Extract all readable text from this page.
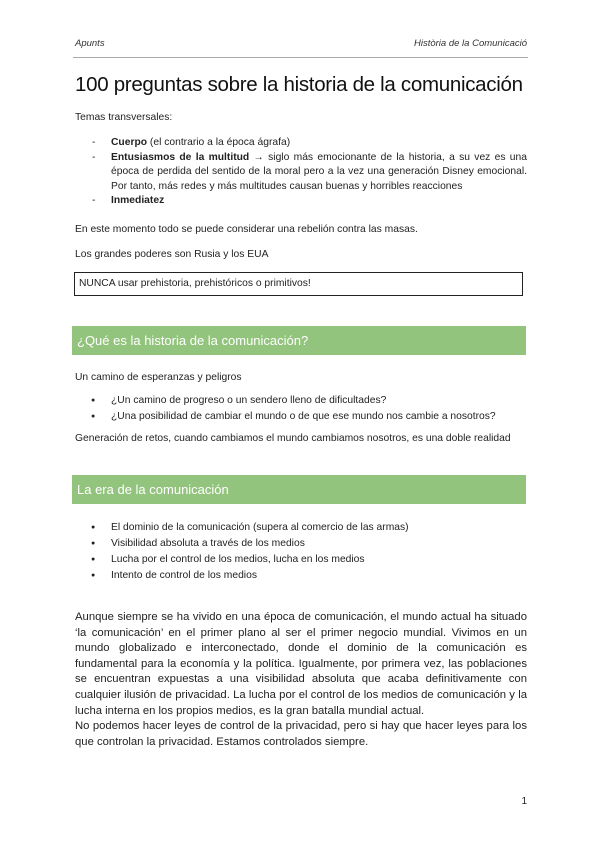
Apunts	Història de la Comunicació
100 preguntas sobre la historia de la comunicación
Temas transversales:
- Cuerpo (el contrario a la época ágrafa)
- Entusiasmos de la multitud → siglo más emocionante de la historia, a su vez es una época de perdida del sentido de la moral pero a la vez una generación Disney emocional. Por tanto, más redes y más multitudes causan buenas y horribles reacciones
- Inmediatez
En este momento todo se puede considerar una rebelión contra las masas.
Los grandes poderes son Rusia y los EUA
NUNCA usar prehistoria, prehistóricos o primitivos!
¿Qué es la historia de la comunicación?
Un camino de esperanzas y peligros
● ¿Un camino de progreso o un sendero lleno de dificultades?
● ¿Una posibilidad de cambiar el mundo o de que ese mundo nos cambie a nosotros?
Generación de retos, cuando cambiamos el mundo cambiamos nosotros, es una doble realidad
La era de la comunicación
● El dominio de la comunicación (supera al comercio de las armas)
● Visibilidad absoluta a través de los medios
● Lucha por el control de los medios, lucha en los medios
● Intento de control de los medios
Aunque siempre se ha vivido en una época de comunicación, el mundo actual ha situado ‘la comunicación’ en el primer plano al ser el primer negocio mundial. Vivimos en un mundo globalizado e interconectado, donde el dominio de la comunicación es fundamental para la economía y la política. Igualmente, por primera vez, las poblaciones se encuentran expuestas a una visibilidad absoluta que acaba definitivamente con cualquier ilusión de privacidad. La lucha por el control de los medios de comunicación y la lucha interna en los propios medios, es la gran batalla mundial actual.
No podemos hacer leyes de control de la privacidad, pero si hay que hacer leyes para los que controlan la privacidad. Estamos controlados siempre.
1
